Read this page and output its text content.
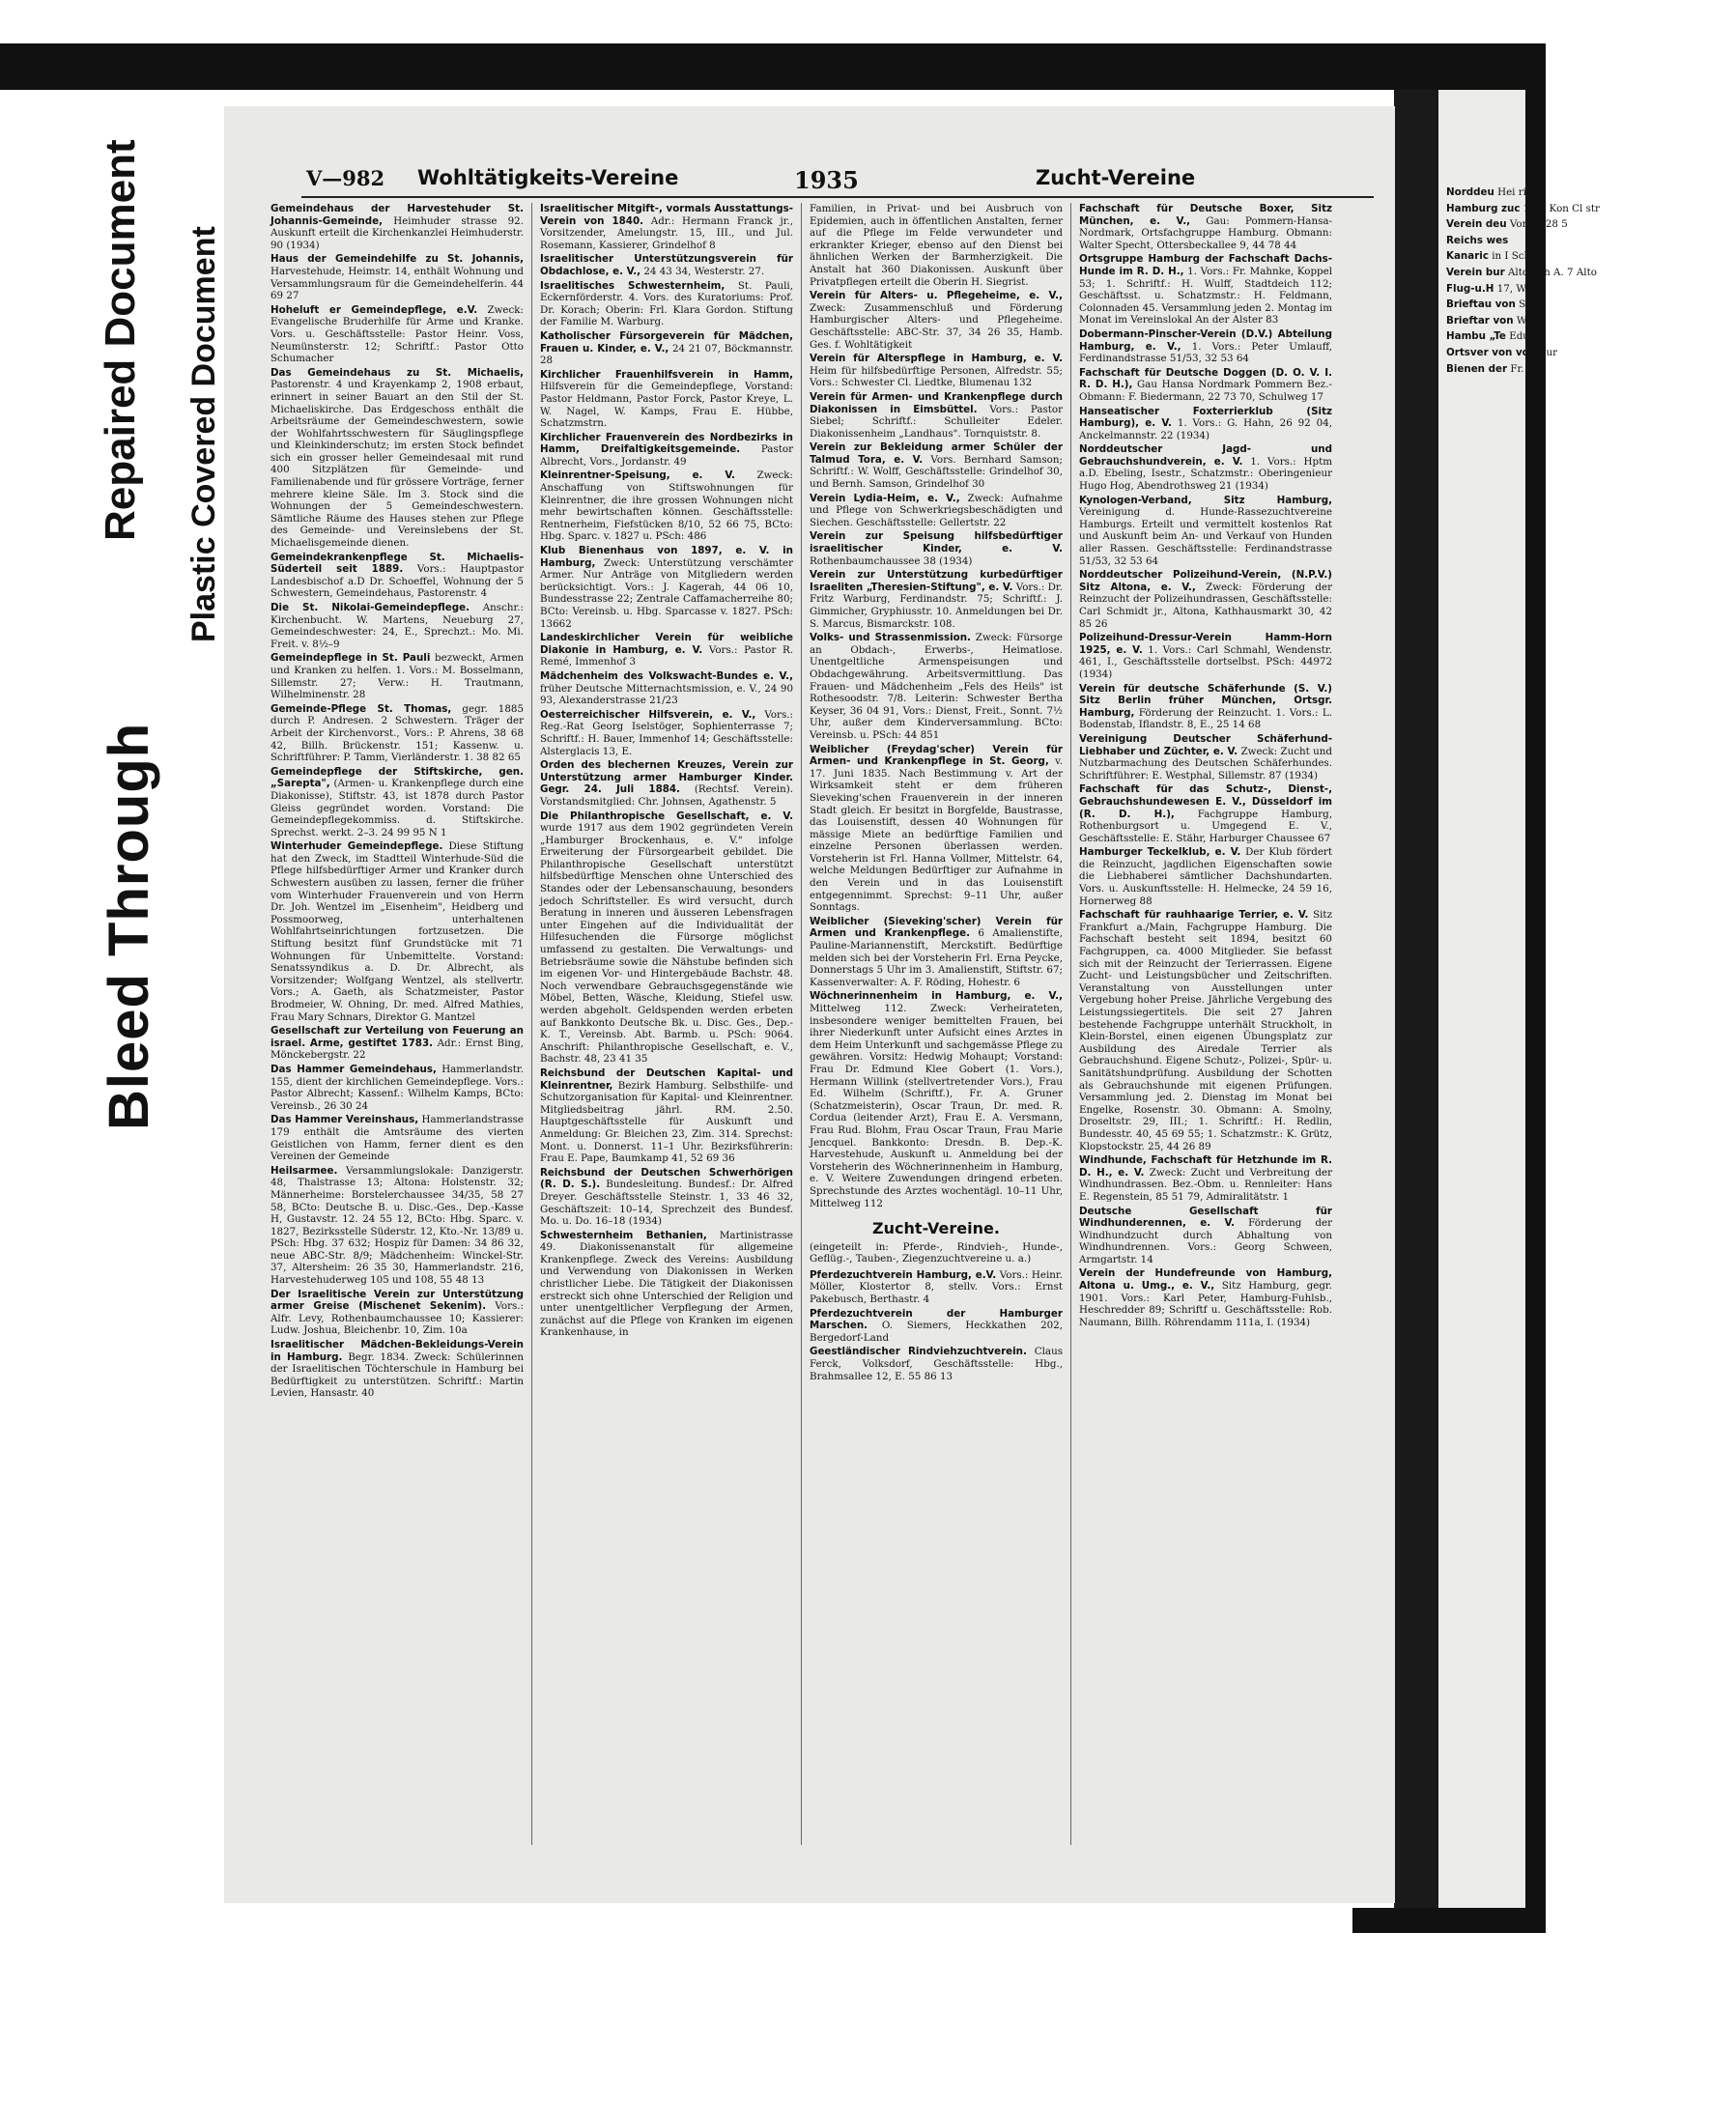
Bleed Through
Repaired Document Plastic Covered Document
V—982 Wohltätigkeits-Vereine	1935	Zucht-Vereine

Gemeindehaus der Harvestehuder St. Johannis-Gemeinde, Heimhuder strasse 92. Auskunft erteilt die Kirchenkanzlei Heimhuderstr. 90 (1934)

Haus der Gemeindehilfe zu St. Johannis, Harvestehude, Heimstr. 14, enthält Wohnung und Versammlungsraum für die Gemeindehelferin. 44 69 27

Hoheluft er Gemeindepflege, e.V. Zweck: Evangelische Bruderhilfe für Arme und Kranke. Vors. u. Geschäftsstelle: Pastor Heinr. Voss, Neumünsterstr. 12; Schriftf.: Pastor Otto Schumacher

Das Gemeindehaus zu St. Michaelis, Pastorenstr. 4 und Krayenkamp 2, 1908 erbaut, erinnert in seiner Bauart an den Stil der St. Michaeliskirche. Das Erdgeschoss enthält die Arbeitsräume der Gemeindeschwestern, sowie der Wohlfahrtsschwestern für Säuglingspflege und Kleinkinderschutz; im ersten Stock befindet sich ein grosser heller Gemeindesaal mit rund 400 Sitzplätzen für Gemeinde- und Familienabende und für grössere Vorträge, ferner mehrere kleine Säle. Im 3. Stock sind die Wohnungen der 5 Gemeindeschwestern. Sämtliche Räume des Hauses stehen zur Pflege des Gemeinde- und Vereinslebens der St. Michaelisgemeinde dienen.

Gemeindekrankenpflege St. Michaelis-Süderteil seit 1889. Vors.: Hauptpastor Landesbischof a.D Dr. Schoeffel, Wohnung der 5 Schwestern, Gemeindehaus, Pastorenstr. 4

Die St. Nikolai-Gemeindepflege. Anschr.: Kirchenbucht. W. Martens, Neueburg 27, Gemeindeschwester: 24, E., Sprechzt.: Mo. Mi. Freit. v. 8½–9

Gemeindepflege in St. Pauli bezweckt, Armen und Kranken zu helfen. 1. Vors.: M. Bosselmann, Sillemstr. 27; Verw.: H. Trautmann, Wilhelminenstr. 28

Gemeinde-Pflege St. Thomas, gegr. 1885 durch P. Andresen. 2 Schwestern. Träger der Arbeit der Kirchenvorst., Vors.: P. Ahrens, 38 68 42, Billh. Brückenstr. 151; Kassenw. u. Schriftführer: P. Tamm, Vierländerstr. 1. 38 82 65

Gemeindepflege der Stiftskirche, gen. „Sarepta", (Armen- u. Krankenpflege durch eine Diakonisse), Stiftstr. 43, ist 1878 durch Pastor Gleiss gegründet worden. Vorstand: Die Gemeindepflegekommiss. d. Stiftskirche. Sprechst. werkt. 2–3. 24 99 95 N 1

Winterhuder Gemeindepflege. Diese Stiftung hat den Zweck, im Stadtteil Winterhude-Süd die Pflege hilfsbedürftiger Armer und Kranker durch Schwestern ausüben zu lassen, ferner die früher vom Winterhuder Frauenverein und von Herrn Dr. Joh. Wentzel im „Eisenheim", Heidberg und Possmoorweg, unterhaltenen Wohlfahrtseinrichtungen fortzusetzen. Die Stiftung besitzt fünf Grundstücke mit 71 Wohnungen für Unbemittelte. Vorstand: Senatssyndikus a. D. Dr. Albrecht, als Vorsitzender; Wolfgang Wentzel, als stellvertr. Vors.; A. Gaeth, als Schatzmeister, Pastor Brodmeier, W. Ohning, Dr. med. Alfred Mathies, Frau Mary Schnars, Direktor G. Mantzel

Gesellschaft zur Verteilung von Feuerung an israel. Arme, gestiftet 1783. Adr.: Ernst Bing, Mönckebergstr. 22

Das Hammer Gemeindehaus, Hammerlandstr. 155, dient der kirchlichen Gemeindepflege. Vors.: Pastor Albrecht; Kassenf.: Wilhelm Kamps, BCto: Vereinsb., 26 30 24

Das Hammer Vereinshaus, Hammerlandstrasse 179 enthält die Amtsräume des vierten Geistlichen von Hamm, ferner dient es den Vereinen der Gemeinde

Heilsarmee. Versammlungslokale: Danzigerstr. 48, Thalstrasse 13; Altona: Holstenstr. 32; Männerheime: Borstelerchaussee 34/35, 58 27 58, BCto: Deutsche B. u. Disc.-Ges., Dep.-Kasse H, Gustavstr. 12. 24 55 12, BCto: Hbg. Sparc. v. 1827, Bezirksstelle Süderstr. 12, Kto.-Nr. 13/89 u. PSch: Hbg. 37 632; Hospiz für Damen: 34 86 32, neue ABC-Str. 8/9; Mädchenheim: Winckel-Str. 37, Altersheim: 26 35 30, Hammerlandstr. 216, Harvestehuderweg 105 und 108, 55 48 13

Der Israelitische Verein zur Unterstützung armer Greise (Mischenet Sekenim). Vors.: Alfr. Levy, Rothenbaumchaussee 10; Kassierer: Ludw. Joshua, Bleichenbr. 10, Zim. 10a

Israelitischer Mädchen-Bekleidungs-Verein in Hamburg. Begr. 1834. Zweck: Schülerinnen der Israelitischen Töchterschule in Hamburg bei Bedürftigkeit zu unterstützen. Schriftf.: Martin Levien, Hansastr. 40

Israelitischer Mitgift-, vormals Ausstattungs-Verein von 1840. Adr.: Hermann Franck jr., Vorsitzender, Amelungstr. 15, III., und Jul. Rosemann, Kassierer, Grindelhof 8

Israelitischer Unterstützungsverein für Obdachlose, e. V., 24 43 34, Westerstr. 27.

Israelitisches Schwesternheim, St. Pauli, Eckernförderstr. 4. Vors. des Kuratoriums: Prof. Dr. Korach; Oberin: Frl. Klara Gordon. Stiftung der Familie M. Warburg.

Katholischer Fürsorgeverein für Mädchen, Frauen u. Kinder, e. V., 24 21 07, Böckmannstr. 28

Kirchlicher Frauenhilfsverein in Hamm, Hilfsverein für die Gemeindepflege, Vorstand: Pastor Heldmann, Pastor Forck, Pastor Kreye, L. W. Nagel, W. Kamps, Frau E. Hübbe, Schatzmstrn.

Kirchlicher Frauenverein des Nordbezirks in Hamm, Dreifaltigkeitsgemeinde. Pastor Albrecht, Vors., Jordanstr. 49

Kleinrentner-Speisung, e. V. Zweck: Anschaffung von Stiftswohnungen für Kleinrentner, die ihre grossen Wohnungen nicht mehr bewirtschaften können. Geschäftsstelle: Rentnerheim, Fiefstücken 8/10, 52 66 75, BCto: Hbg. Sparc. v. 1827 u. PSch: 486

Klub Bienenhaus von 1897, e. V. in Hamburg, Zweck: Unterstützung verschämter Armer. Nur Anträge von Mitgliedern werden berücksichtigt. Vors.: J. Kagerah, 44 06 10, Bundesstrasse 22; Zentrale Caffamacherreihe 80; BCto: Vereinsb. u. Hbg. Sparcasse v. 1827. PSch: 13662

Landeskirchlicher Verein für weibliche Diakonie in Hamburg, e. V. Vors.: Pastor R. Remé, Immenhof 3

Mädchenheim des Volkswacht-Bundes e. V., früher Deutsche Mitternachtsmission, e. V., 24 90 93, Alexanderstrasse 21/23

Oesterreichischer Hilfsverein, e. V., Vors.: Reg.-Rat Georg Iselstöger, Sophienterrasse 7; Schriftf.: H. Bauer, Immenhof 14; Geschäftsstelle: Alsterglacis 13, E.

Orden des blechernen Kreuzes, Verein zur Unterstützung armer Hamburger Kinder. Gegr. 24. Juli 1884. (Rechtsf. Verein). Vorstandsmitglied: Chr. Johnsen, Agathenstr. 5

Die Philanthropische Gesellschaft, e. V. wurde 1917 aus dem 1902 gegründeten Verein „Hamburger Brockenhaus, e. V." infolge Erweiterung der Fürsorgearbeit gebildet. Die Philanthropische Gesellschaft unterstützt hilfsbedürftige Menschen ohne Unterschied des Standes oder der Lebensanschauung, besonders jedoch Schriftsteller. Es wird versucht, durch Beratung in inneren und äusseren Lebensfragen unter Eingehen auf die Individualität der Hilfesuchenden die Fürsorge möglichst umfassend zu gestalten. Die Verwaltungs- und Betriebsräume sowie die Nähstube befinden sich im eigenen Vor- und Hintergebäude Bachstr. 48. Noch verwendbare Gebrauchsgegenstände wie Möbel, Betten, Wäsche, Kleidung, Stiefel usw. werden abgeholt. Geldspenden werden erbeten auf Bankkonto Deutsche Bk. u. Disc. Ges., Dep.-K. T., Vereinsb. Abt. Barmb. u. PSch: 9064. Anschrift: Philanthropische Gesellschaft, e. V., Bachstr. 48, 23 41 35

Reichsbund der Deutschen Kapital- und Kleinrentner, Bezirk Hamburg. Selbsthilfe- und Schutzorganisation für Kapital- und Kleinrentner. Mitgliedsbeitrag jährl. RM. 2.50. Hauptgeschäftsstelle für Auskunft und Anmeldung: Gr. Bleichen 23, Zim. 314. Sprechst: Mont. u. Donnerst. 11–1 Uhr. Bezirksführerin: Frau E. Pape, Baumkamp 41, 52 69 36

Reichsbund der Deutschen Schwerhörigen (R. D. S.). Bundesleitung. Bundesf.: Dr. Alfred Dreyer. Geschäftsstelle Steinstr. 1, 33 46 32, Geschäftszeit: 10–14, Sprechzeit des Bundesf. Mo. u. Do. 16–18 (1934)

Schwesternheim Bethanien, Martinistrasse 49. Diakonissenanstalt für allgemeine Krankenpflege. Zweck des Vereins: Ausbildung und Verwendung von Diakonissen in Werken christlicher Liebe. Die Tätigkeit der Diakonissen erstreckt sich ohne Unterschied der Religion und unter unentgeltlicher Verpflegung der Armen, zunächst auf die Pflege von Kranken im eigenen Krankenhause, in

Familien, in Privat- und bei Ausbruch von Epidemien, auch in öffentlichen Anstalten, ferner auf die Pflege im Felde verwundeter und erkrankter Krieger, ebenso auf den Dienst bei ähnlichen Werken der Barmherzigkeit. Die Anstalt hat 360 Diakonissen. Auskunft über Privatpflegen erteilt die Oberin H. Siegrist.

Verein für Alters- u. Pflegeheime, e. V., Zweck: Zusammenschluß und Förderung Hamburgischer Alters- und Pflegeheime. Geschäftsstelle: ABC-Str. 37, 34 26 35, Hamb. Ges. f. Wohltätigkeit

Verein für Alterspflege in Hamburg, e. V. Heim für hilfsbedürftige Personen, Alfredstr. 55; Vors.: Schwester Cl. Liedtke, Blumenau 132

Verein für Armen- und Krankenpflege durch Diakonissen in Eimsbüttel. Vors.: Pastor Siebel; Schriftf.: Schulleiter Edeler. Diakonissenheim „Landhaus". Tornquiststr. 8.

Verein zur Bekleidung armer Schüler der Talmud Tora, e. V. Vors. Bernhard Samson; Schriftf.: W. Wolff, Geschäftsstelle: Grindelhof 30, und Bernh. Samson, Grindelhof 30

Verein Lydia-Heim, e. V., Zweck: Aufnahme und Pflege von Schwerkriegsbeschädigten und Siechen. Geschäftsstelle: Gellertstr. 22

Verein zur Speisung hilfsbedürftiger israelitischer Kinder, e. V. Rothenbaumchaussee 38 (1934)

Verein zur Unterstützung kurbedürftiger Israeliten „Theresien-Stiftung", e. V. Vors.: Dr. Fritz Warburg, Ferdinandstr. 75; Schriftf.: J. Gimmicher, Gryphiusstr. 10. Anmeldungen bei Dr. S. Marcus, Bismarckstr. 108.

Volks- und Strassenmission. Zweck: Fürsorge an Obdach-, Erwerbs-, Heimatlose. Unentgeltliche Armenspeisungen und Obdachgewährung. Arbeitsvermittlung. Das Frauen- und Mädchenheim „Fels des Heils" ist Rothesoodstr. 7/8. Leiterin: Schwester Bertha Keyser, 36 04 91, Vors.: Dienst, Freit., Sonnt. 7½ Uhr, außer dem Kinderversammlung. BCto: Vereinsb. u. PSch: 44 851

Weiblicher (Freydag'scher) Verein für Armen- und Krankenpflege in St. Georg, v. 17. Juni 1835. Nach Bestimmung v. Art der Wirksamkeit steht er dem früheren Sieveking'schen Frauenverein in der inneren Stadt gleich. Er besitzt in Borgfelde, Baustrasse, das Louisenstift, dessen 40 Wohnungen für mässige Miete an bedürftige Familien und einzelne Personen überlassen werden. Vorsteherin ist Frl. Hanna Vollmer, Mittelstr. 64, welche Meldungen Bedürftiger zur Aufnahme in den Verein und in das Louisenstift entgegennimmt. Sprechst: 9–11 Uhr, außer Sonntags.

Weiblicher (Sieveking'scher) Verein für Armen und Krankenpflege. 6 Amalienstifte, Pauline-Mariannenstift, Merckstift. Bedürftige melden sich bei der Vorsteherin Frl. Erna Peycke, Donnerstags 5 Uhr im 3. Amalienstift, Stiftstr. 67; Kassenverwalter: A. F. Röding, Hohestr. 6

Wöchnerinnenheim in Hamburg, e. V., Mittelweg 112. Zweck: Verheirateten, insbesondere weniger bemittelten Frauen, bei ihrer Niederkunft unter Aufsicht eines Arztes in dem Heim Unterkunft und sachgemässe Pflege zu gewähren. Vorsitz: Hedwig Mohaupt; Vorstand: Frau Dr. Edmund Klee Gobert (1. Vors.), Hermann Willink (stellvertretender Vors.), Frau Ed. Wilhelm (Schriftf.), Fr. A. Gruner (Schatzmeisterin), Oscar Traun, Dr. med. R. Cordua (leitender Arzt), Frau E. A. Versmann, Frau Rud. Blohm, Frau Oscar Traun, Frau Marie Jencquel. Bankkonto: Dresdn. B. Dep.-K. Harvestehude, Auskunft u. Anmeldung bei der Vorsteherin des Wöchnerinnenheim in Hamburg, e. V. Weitere Zuwendungen dringend erbeten. Sprechstunde des Arztes wochentägl. 10–11 Uhr, Mittelweg 112

Zucht-Vereine.
(eingeteilt in: Pferde-, Rindvieh-, Hunde-, Geflüg.-, Tauben-, Ziegenzuchtvereine u. a.)

Pferdezuchtverein Hamburg, e.V. Vors.: Heinr. Möller, Klostertor 8, stellv. Vors.: Ernst Pakebusch, Berthastr. 4

Pferdezuchtverein der Hamburger Marschen. O. Siemers, Heckkathen 202, Bergedorf-Land

Geestländischer Rindviehzuchtverein. Claus Ferck, Volksdorf, Geschäftsstelle: Hbg., Brahmsallee 12, E. 55 86 13

Fachschaft für Deutsche Boxer, Sitz München, e. V., Gau: Pommern-Hansa-Nordmark, Ortsfachgruppe Hamburg. Obmann: Walter Specht, Ottersbeckallee 9, 44 78 44

Ortsgruppe Hamburg der Fachschaft Dachs-Hunde im R. D. H., 1. Vors.: Fr. Mahnke, Koppel 53; 1. Schriftf.: H. Wulff, Stadtdeich 112; Geschäftsst. u. Schatzmstr.: H. Feldmann, Colonnaden 45. Versammlung jeden 2. Montag im Monat im Vereinslokal An der Alster 83

Dobermann-Pinscher-Verein (D.V.) Abteilung Hamburg, e. V., 1. Vors.: Peter Umlauff, Ferdinandstrasse 51/53, 32 53 64

Fachschaft für Deutsche Doggen (D. O. V. I. R. D. H.), Gau Hansa Nordmark Pommern Bez.-Obmann: F. Biedermann, 22 73 70, Schulweg 17

Hanseatischer Foxterrierklub (Sitz Hamburg), e. V. 1. Vors.: G. Hahn, 26 92 04, Anckelmannstr. 22 (1934)

Norddeutscher Jagd- und Gebrauchshundverein, e. V. 1. Vors.: Hptm a.D. Ebeling, Isestr., Schatzmstr.: Oberingenieur Hugo Hog, Abendrothsweg 21 (1934)

Kynologen-Verband, Sitz Hamburg, Vereinigung d. Hunde-Rassezuchtvereine Hamburgs. Erteilt und vermittelt kostenlos Rat und Auskunft beim An- und Verkauf von Hunden aller Rassen. Geschäftsstelle: Ferdinandstrasse 51/53, 32 53 64

Norddeutscher Polizeihund-Verein, (N.P.V.) Sitz Altona, e. V., Zweck: Förderung der Reinzucht der Polizeihundrassen, Geschäftsstelle: Carl Schmidt jr., Altona, Kathhausmarkt 30, 42 85 26

Polizeihund-Dressur-Verein Hamm-Horn 1925, e. V. 1. Vors.: Carl Schmahl, Wendenstr. 461, I., Geschäftsstelle dortselbst. PSch: 44972 (1934)

Verein für deutsche Schäferhunde (S. V.) Sitz Berlin früher München, Ortsgr. Hamburg, Förderung der Reinzucht. 1. Vors.: L. Bodenstab, Iflandstr. 8, E., 25 14 68

Vereinigung Deutscher Schäferhund-Liebhaber und Züchter, e. V. Zweck: Zucht und Nutzbarmachung des Deutschen Schäferhundes. Schriftführer: E. Westphal, Sillemstr. 87 (1934)

Fachschaft für das Schutz-, Dienst-, Gebrauchshundewesen E. V., Düsseldorf im (R. D. H.), Fachgruppe Hamburg, Rothenburgsort u. Umgegend E. V., Geschäftsstelle: E. Stähr, Harburger Chaussee 67

Hamburger Teckelklub, e. V. Der Klub fördert die Reinzucht, jagdlichen Eigenschaften sowie die Liebhaberei sämtlicher Dachshundarten. Vors. u. Auskunftsstelle: H. Helmecke, 24 59 16, Hornerweg 88

Fachschaft für rauhhaarige Terrier, e. V. Sitz Frankfurt a./Main, Fachgruppe Hamburg. Die Fachschaft besteht seit 1894, besitzt 60 Fachgruppen, ca. 4000 Mitglieder. Sie befasst sich mit der Reinzucht der Terierrassen. Eigene Zucht- und Leistungsbücher und Zeitschriften. Veranstaltung von Ausstellungen unter Vergebung hoher Preise. Jährliche Vergebung des Leistungssiegertitels. Die seit 27 Jahren bestehende Fachgruppe unterhält Struckholt, in Klein-Borstel, einen eigenen Übungsplatz zur Ausbildung des Airedale Terrier als Gebrauchshund. Eigene Schutz-, Polizei-, Spür- u. Sanitätshundprüfung. Ausbildung der Schotten als Gebrauchshunde mit eigenen Prüfungen. Versammlung jed. 2. Dienstag im Monat bei Engelke, Rosenstr. 30. Obmann: A. Smolny, Droseltstr. 29, III.; 1. Schriftf.: H. Redlin, Bundesstr. 40, 45 69 55; 1. Schatzmstr.: K. Grütz, Klopstockstr. 25, 44 26 89

Windhunde, Fachschaft für Hetzhunde im R. D. H., e. V. Zweck: Zucht und Verbreitung der Windhundrassen. Bez.-Obm. u. Rennleiter: Hans E. Regenstein, 85 51 79, Admiralitätstr. 1

Deutsche Gesellschaft für Windhunderennen, e. V. Förderung der Windhundzucht durch Abhaltung von Windhundrennen. Vors.: Georg Schween, Armgartstr. 14

Verein der Hundefreunde von Hamburg, Altona u. Umg., e. V., Sitz Hamburg, gegr. 1901. Vors.: Karl Peter, Hamburg-Fuhlsb., Heschredder 89; Schriftf u. Geschäftsstelle: Rob. Naumann, Billh. Röhrendamm 111a, I. (1934)

Norddeu Hei ring

Hamburg zuc 1. M Kon Cl str

Verein deu Vor kli 28 5

Reichs wes

Kanaric in I Sch de

Verein bur Alto Sch A. 7 Alto

Flug-u.H 17, We

Brieftau von Sch

Brieftar von Wil

Hambu „Te Edu

Ortsver von von Fur

Bienen der Fr.
